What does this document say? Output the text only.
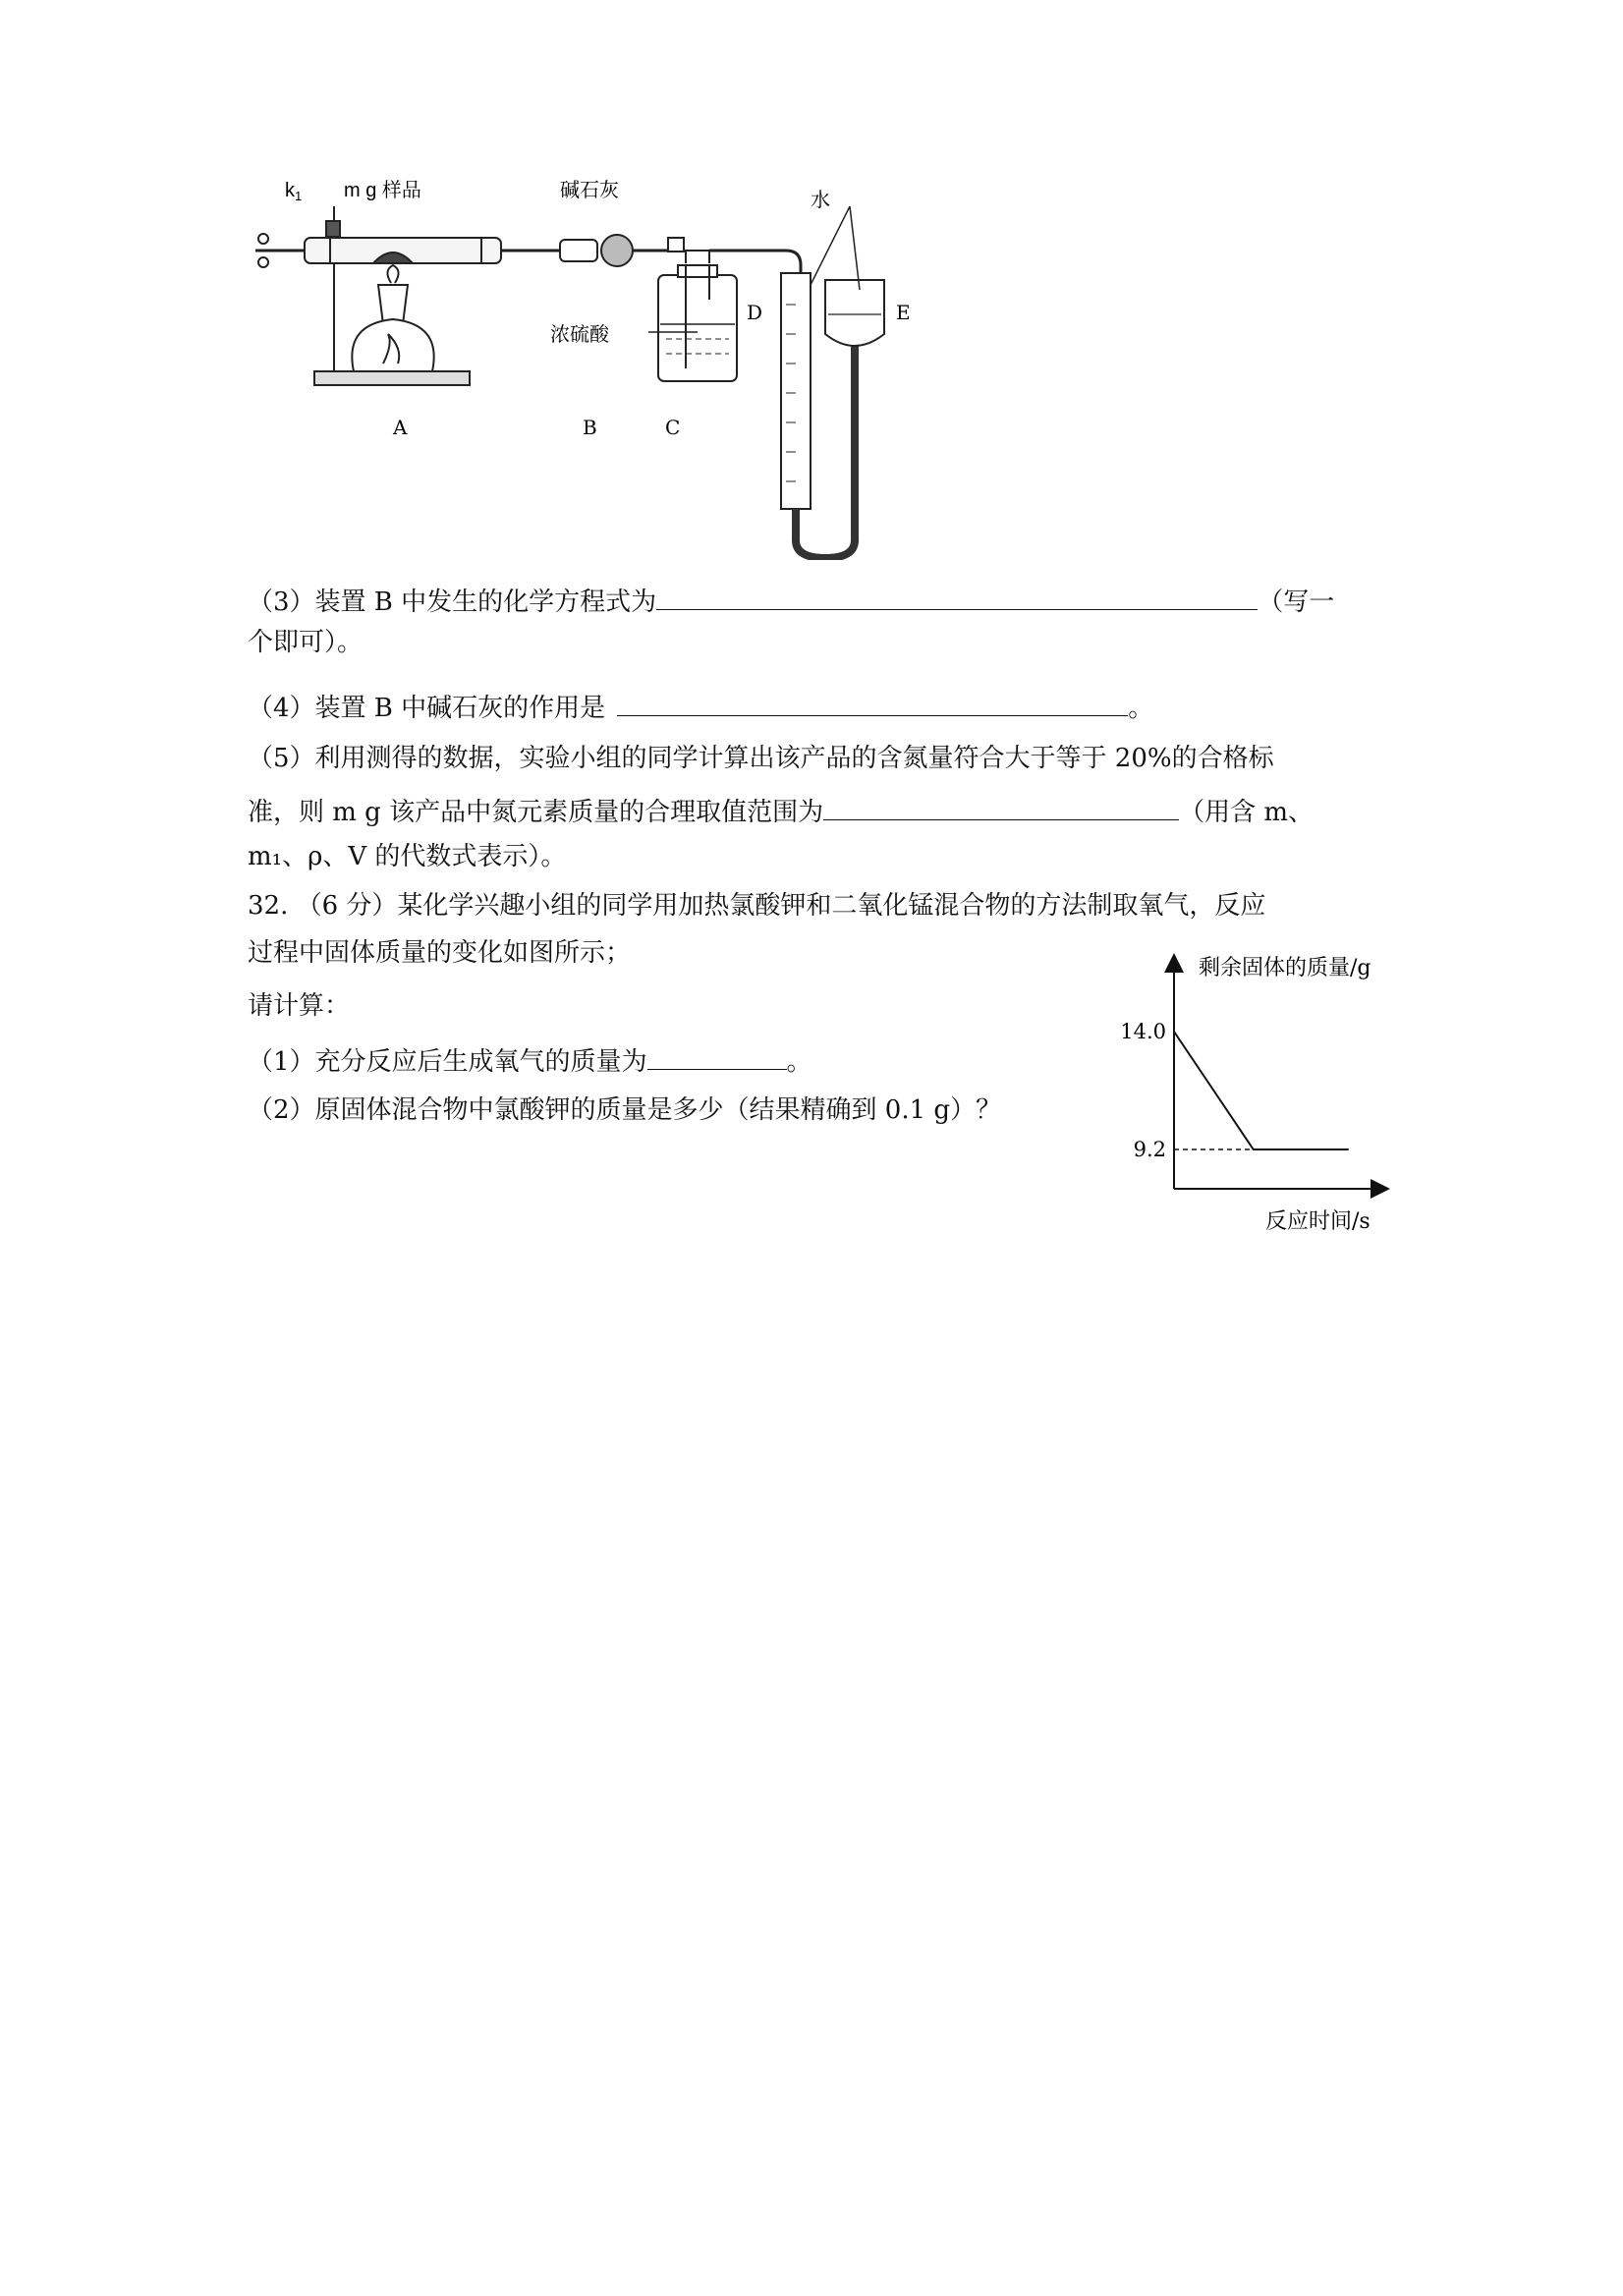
$k_1$ m g 样品	碱石灰	水
浓硫酸
D	E
A	B	C
（3）装置 B 中发生的化学方程式为	（写一
个即可）。
（4）装置 B 中碱石灰的作用是	。
（5）利用测得的数据，实验小组的同学计算出该产品的含氮量符合大于等于 20%的合格标
准，则 m g 该产品中氮元素质量的合理取值范围为	（用含 m、
m₁、ρ、V 的代数式表示）。
32. （6 分）某化学兴趣小组的同学用加热氯酸钾和二氧化锰混合物的方法制取氧气，反应
过程中固体质量的变化如图所示；
请计算：
（1）充分反应后生成氧气的质量为	。
（2）原固体混合物中氯酸钾的质量是多少（结果精确到 0.1 g）？
剩余固体的质量/g
反应时间/s
14.0
9.2
